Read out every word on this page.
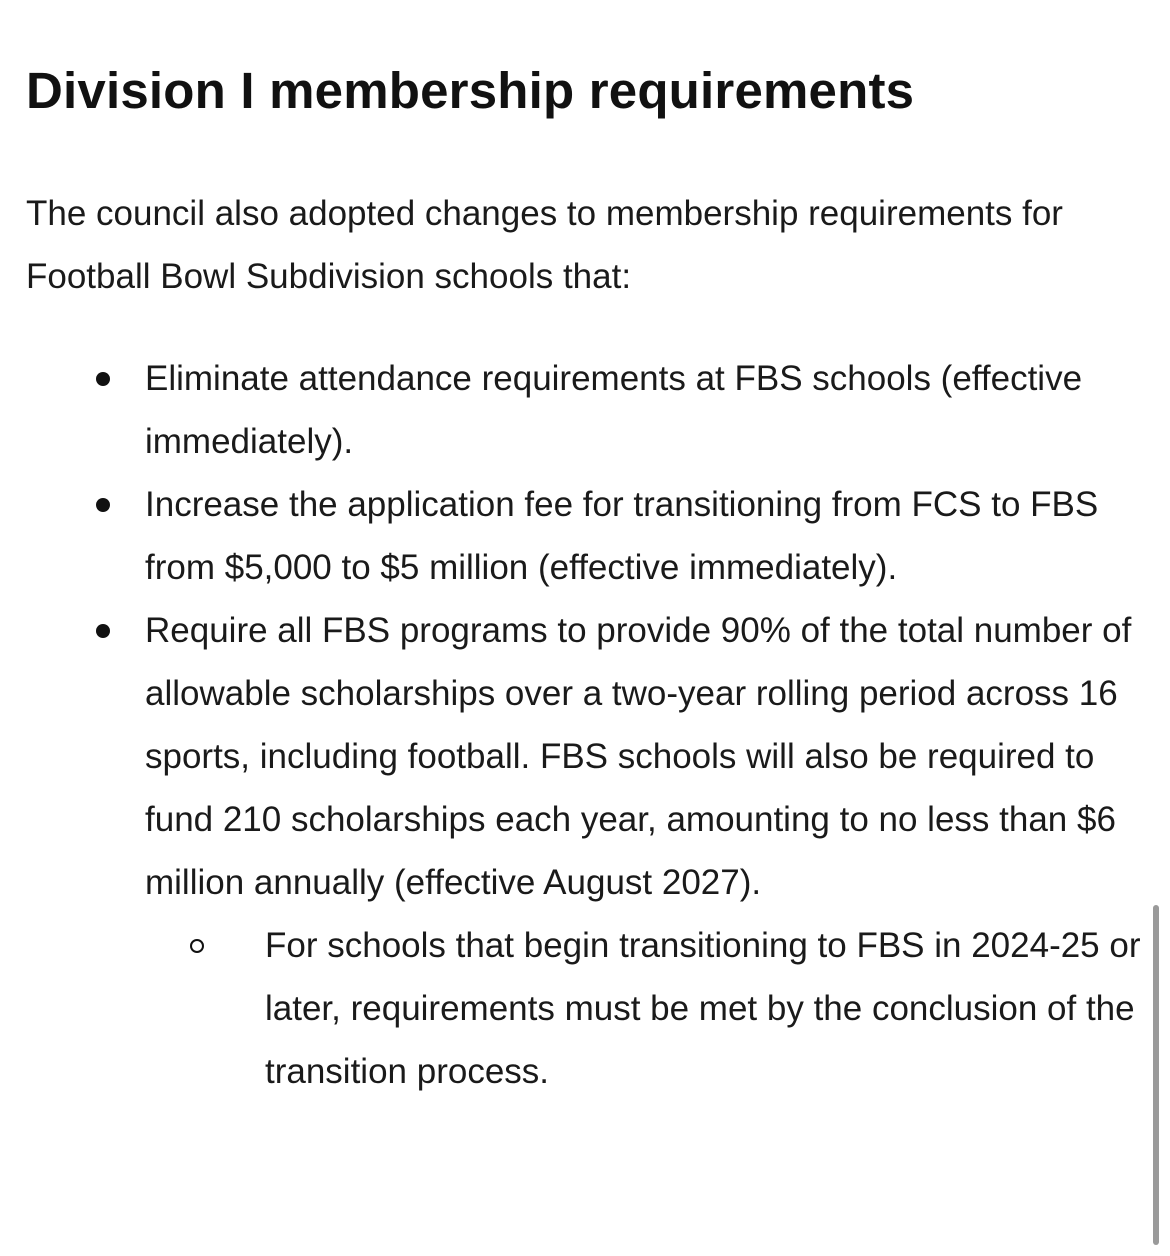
Division I membership requirements

The council also adopted changes to membership requirements for Football Bowl Subdivision schools that:

Eliminate attendance requirements at FBS schools (effective immediately).
Increase the application fee for transitioning from FCS to FBS from $5,000 to $5 million (effective immediately).
Require all FBS programs to provide 90% of the total number of allowable scholarships over a two-year rolling period across 16 sports, including football. FBS schools will also be required to fund 210 scholarships each year, amounting to no less than $6 million annually (effective August 2027).
For schools that begin transitioning to FBS in 2024-25 or later, requirements must be met by the conclusion of the transition process.
